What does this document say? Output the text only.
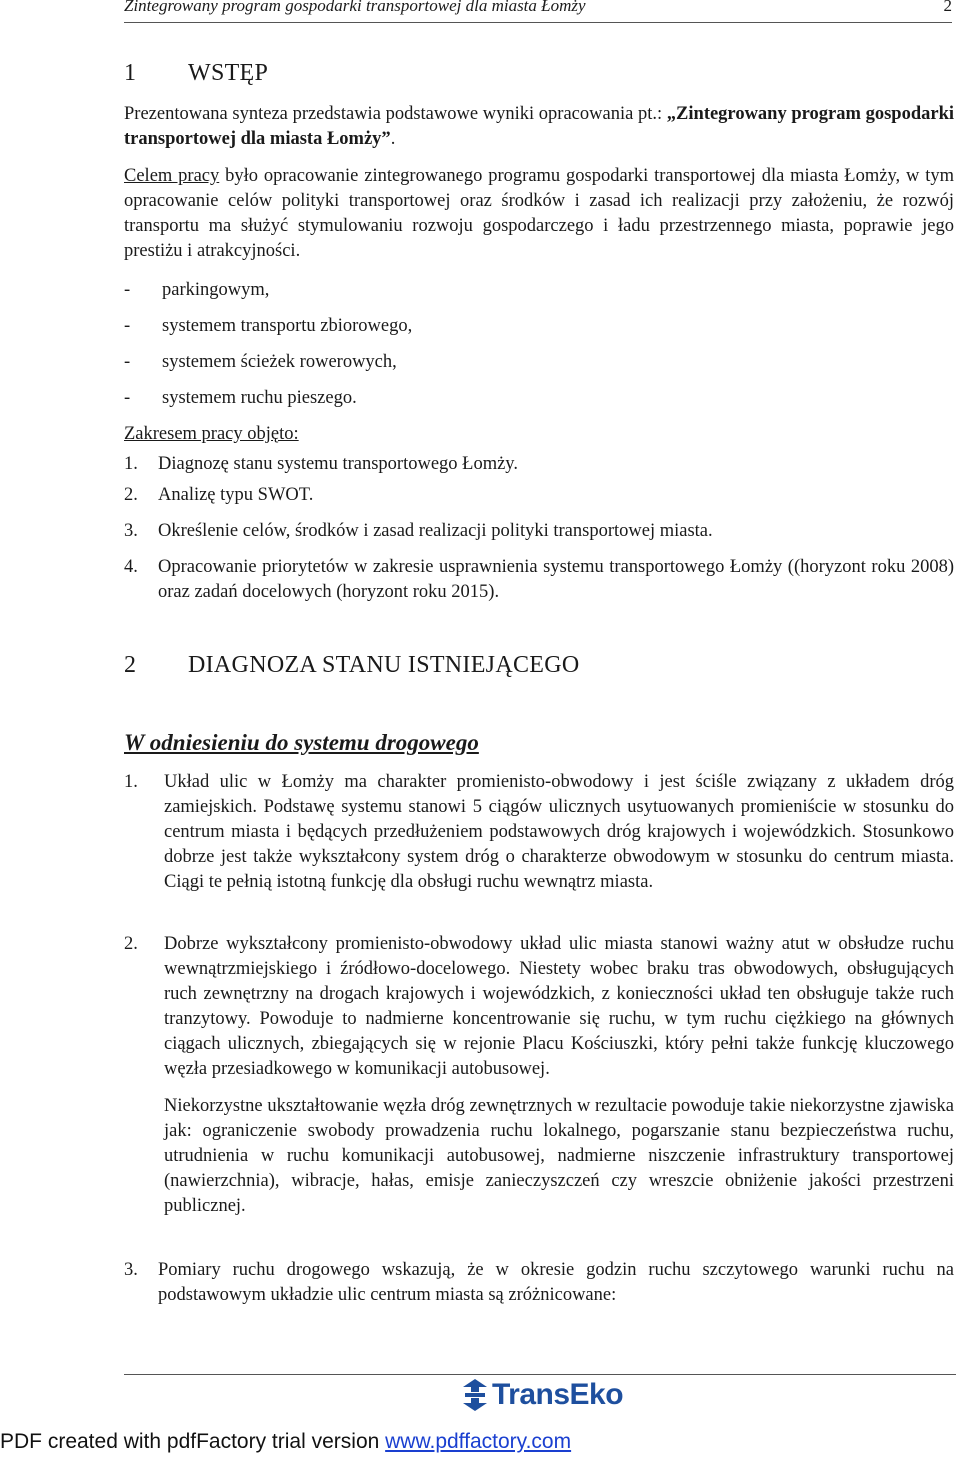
Zintegrowany program gospodarki transportowej dla miasta Łomży	2
1 WSTĘP

Prezentowana synteza przedstawia podstawowe wyniki opracowania pt.: „Zintegrowany program gospodarki transportowej dla miasta Łomży”.

Celem pracy było opracowanie zintegrowanego programu gospodarki transportowej dla miasta Łomży, w tym opracowanie celów polityki transportowej oraz środków i zasad ich realizacji przy założeniu, że rozwój transportu ma służyć stymulowaniu rozwoju gospodarczego i ładu przestrzennego miasta, poprawie jego prestiżu i atrakcyjności.

- parkingowym,
- systemem transportu zbiorowego,
- systemem ścieżek rowerowych,
- systemem ruchu pieszego.
Zakresem pracy objęto:
1. Diagnozę stanu systemu transportowego Łomży.
2. Analizę typu SWOT.
3. Określenie celów, środków i zasad realizacji polityki transportowej miasta.
4. Opracowanie priorytetów w zakresie usprawnienia systemu transportowego Łomży ((horyzont roku 2008) oraz zadań docelowych (horyzont roku 2015).
2 DIAGNOZA STANU ISTNIEJĄCEGO
W odniesieniu do systemu drogowego
1. Układ ulic w Łomży ma charakter promienisto-obwodowy i jest ściśle związany z układem dróg zamiejskich. Podstawę systemu stanowi 5 ciągów ulicznych usytuowanych promieniście w stosunku do centrum miasta i będących przedłużeniem podstawowych dróg krajowych i wojewódzkich. Stosunkowo dobrze jest także wykształcony system dróg o charakterze obwodowym w stosunku do centrum miasta. Ciągi te pełnią istotną funkcję dla obsługi ruchu wewnątrz miasta.
2. Dobrze wykształcony promienisto-obwodowy układ ulic miasta stanowi ważny atut w obsłudze ruchu wewnątrzmiejskiego i źródłowo-docelowego. Niestety wobec braku tras obwodowych, obsługujących ruch zewnętrzny na drogach krajowych i wojewódzkich, z konieczności układ ten obsługuje także ruch tranzytowy. Powoduje to nadmierne koncentrowanie się ruchu, w tym ruchu ciężkiego na głównych ciągach ulicznych, zbiegających się w rejonie Placu Kościuszki, który pełni także funkcję kluczowego węzła przesiadkowego w komunikacji autobusowej.
Niekorzystne ukształtowanie węzła dróg zewnętrznych w rezultacie powoduje takie niekorzystne zjawiska jak: ograniczenie swobody prowadzenia ruchu lokalnego, pogarszanie stanu bezpieczeństwa ruchu, utrudnienia w ruchu komunikacji autobusowej, nadmierne niszczenie infrastruktury transportowej (nawierzchnia), wibracje, hałas, emisje zanieczyszczeń czy wreszcie obniżenie jakości przestrzeni publicznej.
3. Pomiary ruchu drogowego wskazują, że w okresie godzin ruchu szczytowego warunki ruchu na podstawowym układzie ulic centrum miasta są zróżnicowane:
TransEko
PDF created with pdfFactory trial version www.pdffactory.com
